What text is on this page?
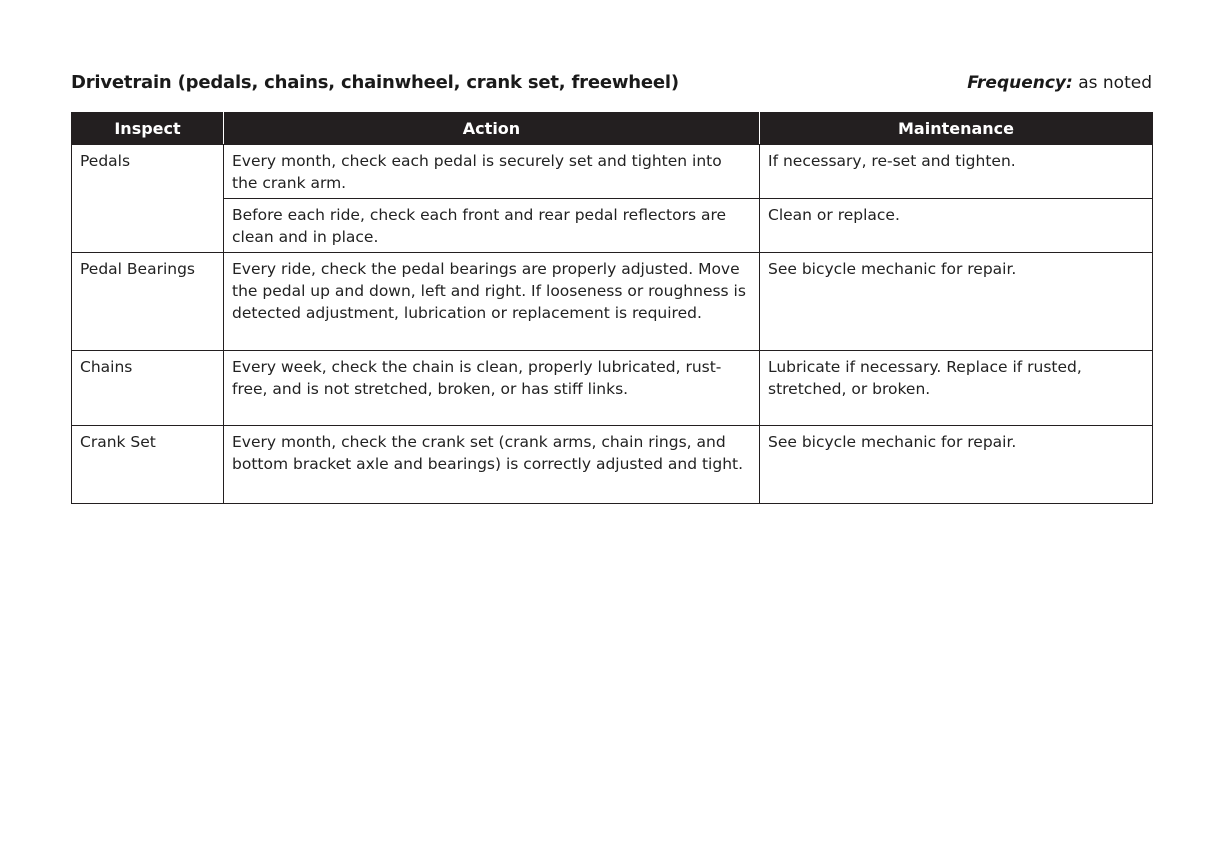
Drivetrain (pedals, chains, chainwheel, crank set, freewheel)	Frequency: as noted
Inspect	Action	Maintenance
Pedals	Every month, check each pedal is securely set and tighten into the crank arm.	If necessary, re-set and tighten.
	Before each ride, check each front and rear pedal reflectors are clean and in place.	Clean or replace.
Pedal Bearings	Every ride, check the pedal bearings are properly adjusted. Move the pedal up and down, left and right. If looseness or roughness is detected adjustment, lubrication or replacement is required.	See bicycle mechanic for repair.
Chains	Every week, check the chain is clean, properly lubricated, rust-free, and is not stretched, broken, or has stiff links.	Lubricate if necessary. Replace if rusted, stretched, or broken.
Crank Set	Every month, check the crank set (crank arms, chain rings, and bottom bracket axle and bearings) is correctly adjusted and tight.	See bicycle mechanic for repair.
